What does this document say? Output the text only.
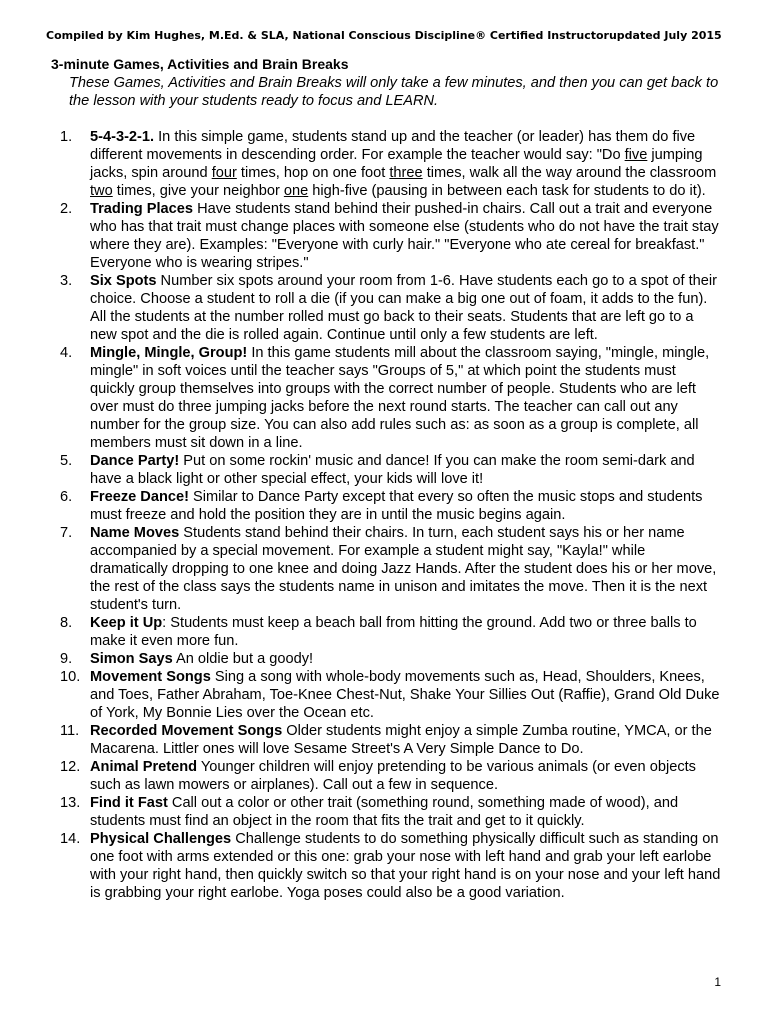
Compiled by Kim Hughes, M.Ed. & SLA, National Conscious Discipline® Certified Instructor updated July 2015
3-minute Games, Activities and Brain Breaks
These Games, Activities and Brain Breaks will only take a few minutes, and then you can get back to the lesson with your students ready to focus and LEARN.
1.	5-4-3-2-1. In this simple game, students stand up and the teacher (or leader) has them do five different movements in descending order. For example the teacher would say: "Do five jumping jacks, spin around four times, hop on one foot three times, walk all the way around the classroom two times, give your neighbor one high-five (pausing in between each task for students to do it).
2.	Trading Places Have students stand behind their pushed-in chairs. Call out a trait and everyone who has that trait must change places with someone else (students who do not have the trait stay where they are). Examples: "Everyone with curly hair." "Everyone who ate cereal for breakfast." Everyone who is wearing stripes."
3.	Six Spots Number six spots around your room from 1-6. Have students each go to a spot of their choice. Choose a student to roll a die (if you can make a big one out of foam, it adds to the fun). All the students at the number rolled must go back to their seats. Students that are left go to a new spot and the die is rolled again. Continue until only a few students are left.
4.	Mingle, Mingle, Group! In this game students mill about the classroom saying, "mingle, mingle, mingle" in soft voices until the teacher says "Groups of 5," at which point the students must quickly group themselves into groups with the correct number of people. Students who are left over must do three jumping jacks before the next round starts. The teacher can call out any number for the group size. You can also add rules such as: as soon as a group is complete, all members must sit down in a line.
5.	Dance Party! Put on some rockin' music and dance! If you can make the room semi-dark and have a black light or other special effect, your kids will love it!
6.	Freeze Dance! Similar to Dance Party except that every so often the music stops and students must freeze and hold the position they are in until the music begins again.
7.	Name Moves Students stand behind their chairs. In turn, each student says his or her name accompanied by a special movement. For example a student might say, "Kayla!" while dramatically dropping to one knee and doing Jazz Hands. After the student does his or her move, the rest of the class says the students name in unison and imitates the move. Then it is the next student's turn.
8.	Keep it Up: Students must keep a beach ball from hitting the ground. Add two or three balls to make it even more fun.
9.	Simon Says An oldie but a goody!
10. Movement Songs Sing a song with whole-body movements such as, Head, Shoulders, Knees, and Toes, Father Abraham, Toe-Knee Chest-Nut, Shake Your Sillies Out (Raffie), Grand Old Duke of York, My Bonnie Lies over the Ocean etc.
11. Recorded Movement Songs Older students might enjoy a simple Zumba routine, YMCA, or the Macarena. Littler ones will love Sesame Street's A Very Simple Dance to Do.
12. Animal Pretend Younger children will enjoy pretending to be various animals (or even objects such as lawn mowers or airplanes). Call out a few in sequence.
13. Find it Fast Call out a color or other trait (something round, something made of wood), and students must find an object in the room that fits the trait and get to it quickly.
14. Physical Challenges Challenge students to do something physically difficult such as standing on one foot with arms extended or this one: grab your nose with left hand and grab your left earlobe with your right hand, then quickly switch so that your right hand is on your nose and your left hand is grabbing your right earlobe. Yoga poses could also be a good variation.
1
